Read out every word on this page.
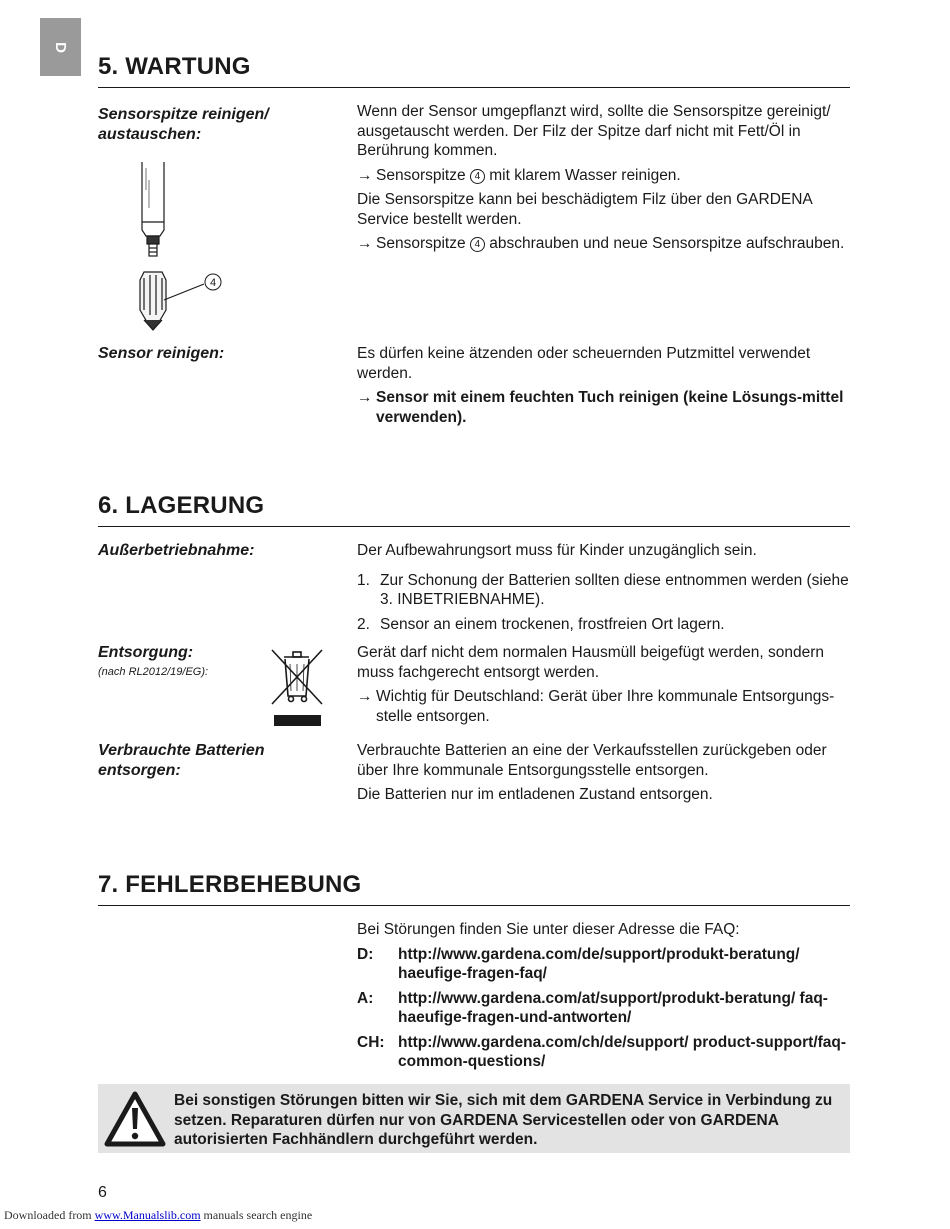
D
5. WARTUNG
Sensorspitze reinigen/ austauschen:
4

Wenn der Sensor umgepflanzt wird, sollte die Sensorspitze gereinigt/ ausgetauscht werden. Der Filz der Spitze darf nicht mit Fett/Öl in Berührung kommen.

→ Sensorspitze 4 mit klarem Wasser reinigen.

Die Sensorspitze kann bei beschädigtem Filz über den GARDENA Service bestellt werden.

→ Sensorspitze 4 abschrauben und neue Sensorspitze aufschrauben.
Sensor reinigen:	Es dürfen keine ätzenden oder scheuernden Putzmittel verwendet werden.

→ Sensor mit einem feuchten Tuch reinigen (keine Lösungs-mittel verwenden).
6. LAGERUNG
Außerbetriebnahme:	Der Aufbewahrungsort muss für Kinder unzugänglich sein.

1. Zur Schonung der Batterien sollten diese entnommen werden (siehe 3. INBETRIEBNAHME).
2. Sensor an einem trockenen, frostfreien Ort lagern.
Entsorgung:
(nach RL2012/19/EG):

Gerät darf nicht dem normalen Hausmüll beigefügt werden, sondern muss fachgerecht entsorgt werden.

→ Wichtig für Deutschland: Gerät über Ihre kommunale Entsorgungs-stelle entsorgen.
Verbrauchte Batterien entsorgen:

Verbrauchte Batterien an eine der Verkaufsstellen zurückgeben oder über Ihre kommunale Entsorgungsstelle entsorgen.

Die Batterien nur im entladenen Zustand entsorgen.

7. FEHLERBEHEBUNG

Bei Störungen finden Sie unter dieser Adresse die FAQ:

D:	http://www.gardena.com/de/support/produkt-beratung/ haeufige-fragen-faq/
A:	http://www.gardena.com/at/support/produkt-beratung/ faq-haeufige-fragen-und-antworten/
CH: http://www.gardena.com/ch/de/support/ product-support/faq-common-questions/
Bei sonstigen Störungen bitten wir Sie, sich mit dem GARDENA Service in Verbindung zu setzen. Reparaturen dürfen nur von GARDENA Servicestellen oder von GARDENA autorisierten Fachhändlern durchgeführt werden.
6
Downloaded from www.Manualslib.com manuals search engine
